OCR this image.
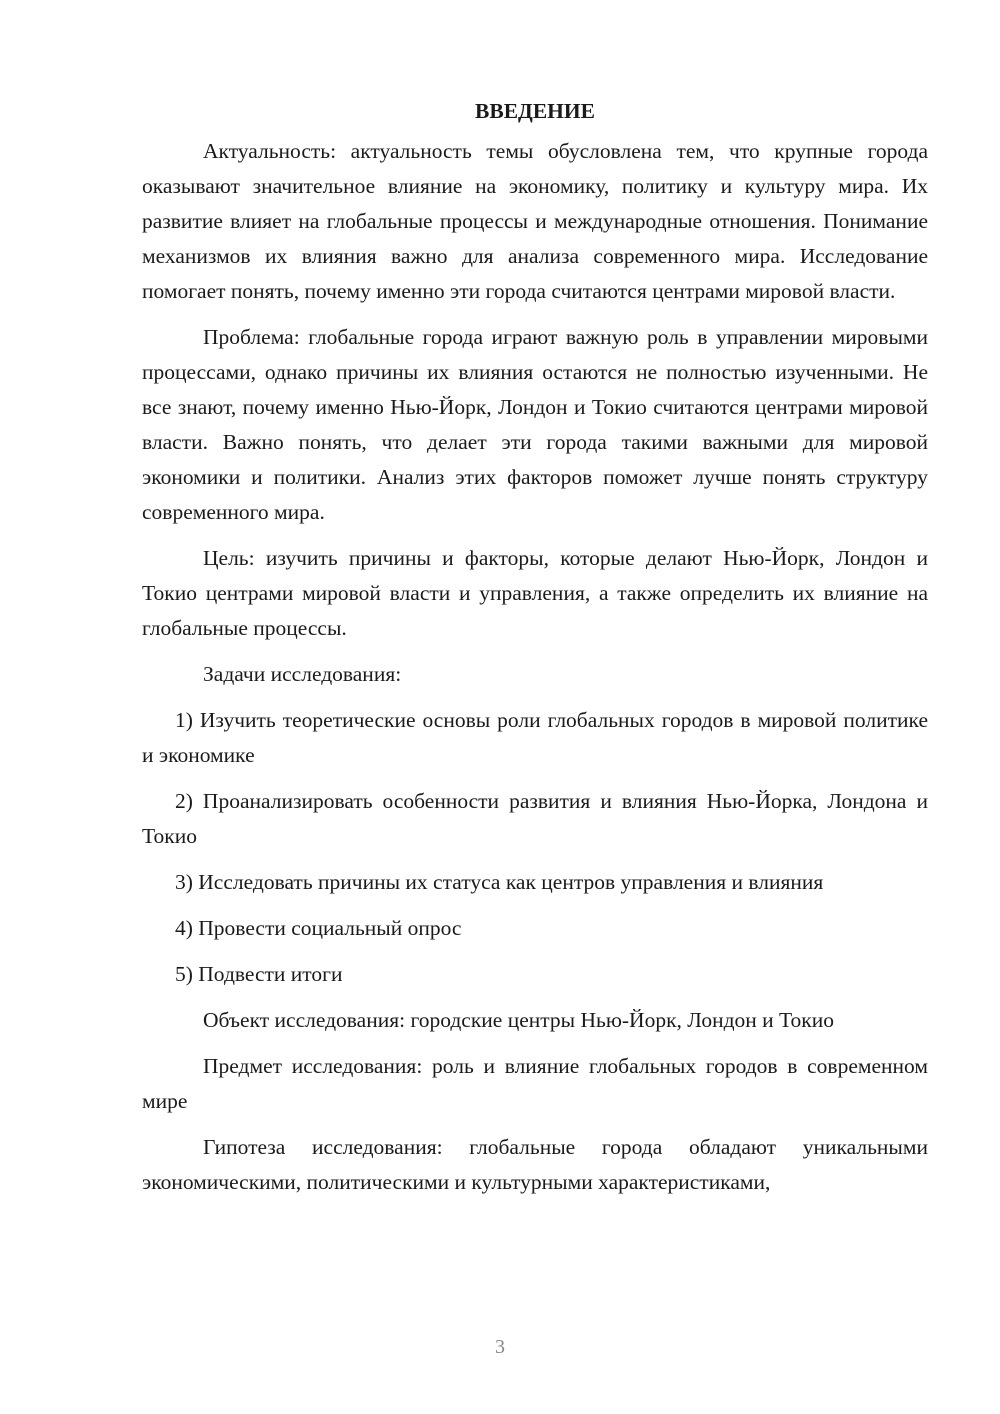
ВВЕДЕНИЕ

Актуальность: актуальность темы обусловлена тем, что крупные города оказывают значительное влияние на экономику, политику и культуру мира. Их развитие влияет на глобальные процессы и международные отношения. Понимание механизмов их влияния важно для анализа современного мира. Исследование помогает понять, почему именно эти города считаются центрами мировой власти.

Проблема: глобальные города играют важную роль в управлении мировыми процессами, однако причины их влияния остаются не полностью изученными. Не все знают, почему именно Нью-Йорк, Лондон и Токио считаются центрами мировой власти. Важно понять, что делает эти города такими важными для мировой экономики и политики. Анализ этих факторов поможет лучше понять структуру современного мира.

Цель: изучить причины и факторы, которые делают Нью-Йорк, Лондон и Токио центрами мировой власти и управления, а также определить их влияние на глобальные процессы.

Задачи исследования:

1) Изучить теоретические основы роли глобальных городов в мировой политике и экономике

2) Проанализировать особенности развития и влияния Нью-Йорка, Лондона и Токио

3) Исследовать причины их статуса как центров управления и влияния

4) Провести социальный опрос

5) Подвести итоги

Объект исследования: городские центры Нью-Йорк, Лондон и Токио

Предмет исследования: роль и влияние глобальных городов в современном мире

Гипотеза исследования: глобальные города обладают уникальными экономическими, политическими и культурными характеристиками,

3
